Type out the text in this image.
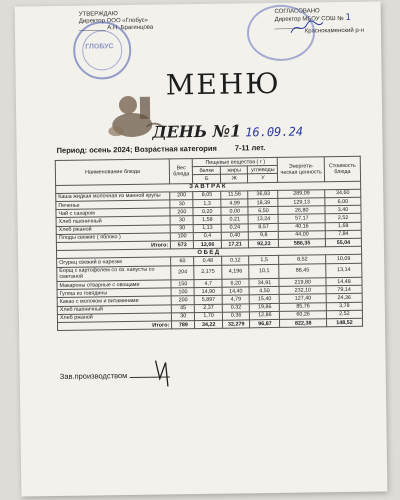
УТВЕРЖДАЮ
Директор ООО «Глобус»
________ А.Н. Брагинцова
ГЛОБУС
СОГЛАСОВАНО
Директор МБОУ СОШ № 1
________
Краснокаменский р-н
МЕНЮ
ДЕНЬ №1 16.09.24
Период: осень 2024; Возрастная категория 7-11 лет.
Наименование блюда	Вес блюда	Пищевые вещества ( г )			Энергети-ческая ценность	Стоимость блюда
		белки	жиры	углеводы		
		Б	Ж	У		
ЗАВТРАК						
Каша жидкая молочная из манной крупы	200	8,05	11,56	36,93	289,09	34,60
Печенье	30	1,3	4,99	18,39	129,13	6,00
Чай с сахаром	200	0,20	0,00	6,50	26,80	3,40
Хлеб пшеничный	30	1,58	0,21	13,24	57,17	2,52
Хлеб ржаной	30	1,13	0,24	8,57	40,16	1,68
Плоды свежие ( яблоко )	100	0,4	0,40	9,8	44,00	7,84
Итого:	573	12,66	17,21	92,23	586,35	55,04
ОБЕД						
Огурец свежий в нарезке	60	0,48	0,12	1,5	8,52	10,09
Борщ с картофелем со св. капусты со сметаной	204	2,175	4,196	10,1	88,45	13,14
Макароны отварные с овощами	150	4,7	6,20	34,91	219,80	14,48
Гуляш из говядины	100	14,90	14,40	4,50	232,10	79,14
Какао с молоком и витаминами	200	5,897	4,79	15,40	127,40	24,36
Хлеб пшеничный	45	2,37	0,32	19,86	85,76	3,78
Хлеб ржаной	30	1,70	0,36	12,86	60,26	2,52
Итого:	789	34,22	32,279	96,87	822,38	148,52
Зав.производством
